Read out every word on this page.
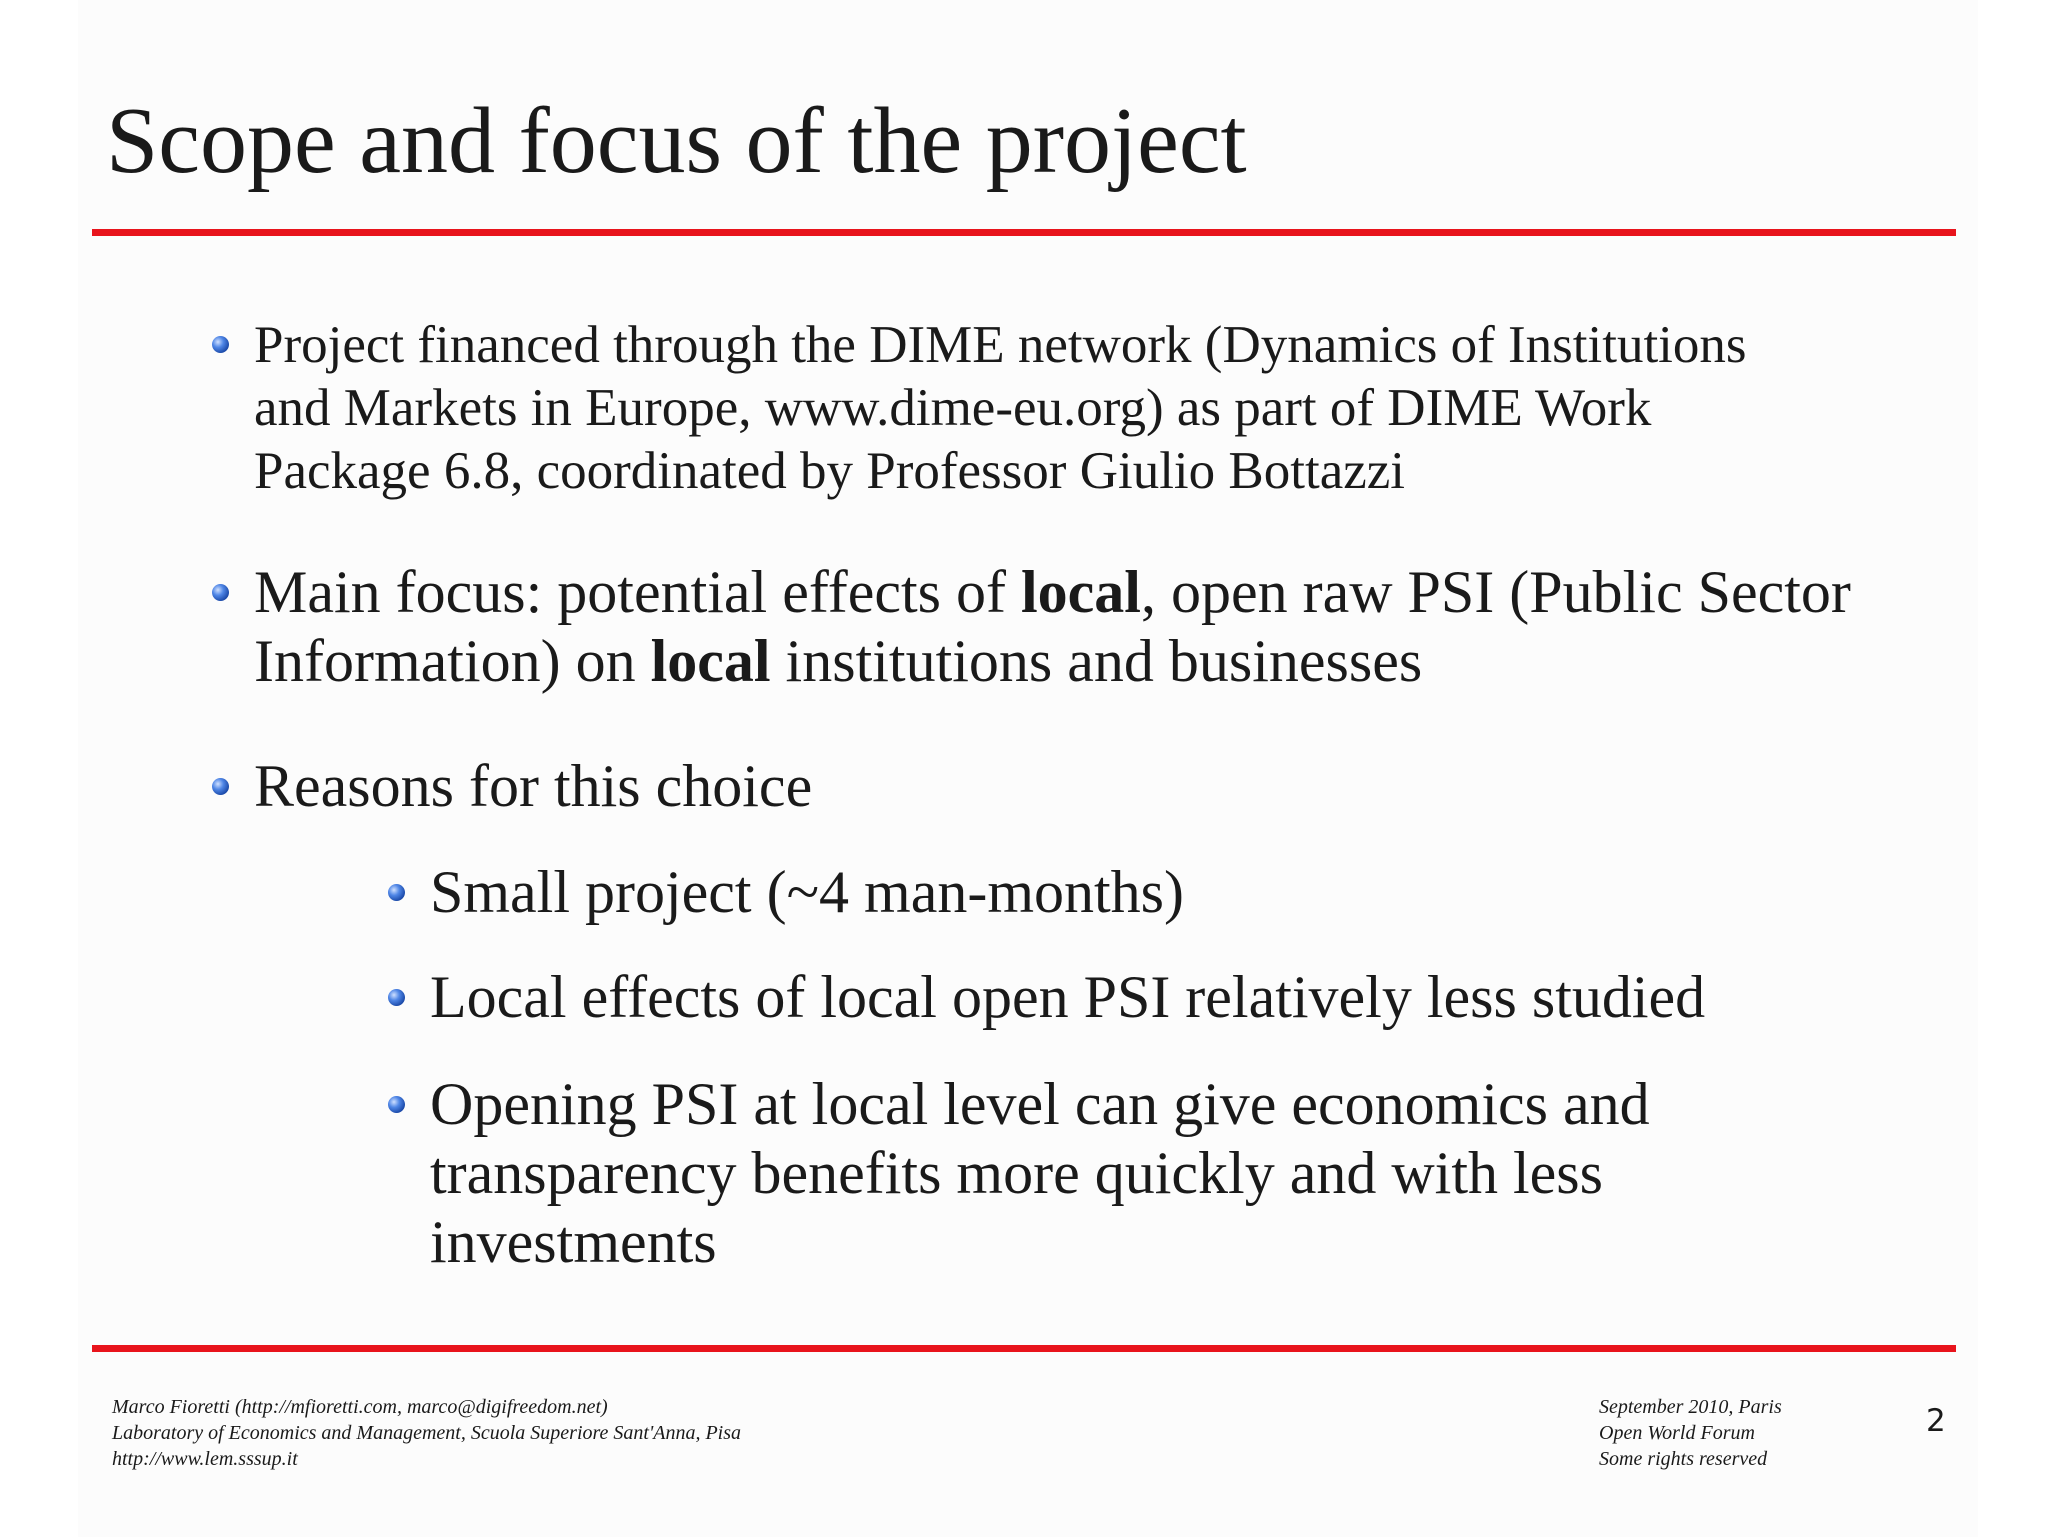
Scope and focus of the project
Project financed through the DIME network (Dynamics of Institutions
and Markets in Europe, www.dime-eu.org) as part of DIME Work
Package 6.8, coordinated by Professor Giulio Bottazzi
Main focus: potential effects of local, open raw PSI (Public Sector
Information) on local institutions and businesses
Reasons for this choice
Small project (~4 man-months)
Local effects of local open PSI relatively less studied
Opening PSI at local level can give economics and
transparency benefits more quickly and with less
investments
Marco Fioretti (http://mfioretti.com, marco@digifreedom.net)
Laboratory of Economics and Management, Scuola Superiore Sant'Anna, Pisa
http://www.lem.sssup.it
September 2010, Paris
Open World Forum
Some rights reserved
2
